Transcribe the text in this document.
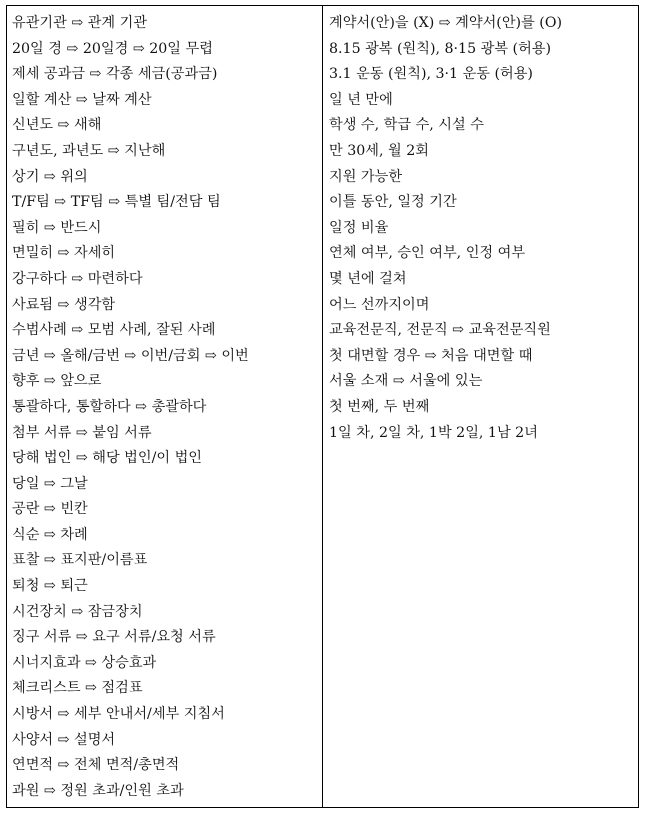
유관기관 ⇨ 관계 기관
20일 경 ⇨ 20일경 ⇨ 20일 무렵
제세 공과금 ⇨ 각종 세금(공과금)
일할 계산 ⇨ 날짜 계산
신년도 ⇨ 새해
구년도, 과년도 ⇨ 지난해
상기 ⇨ 위의
T/F팀 ⇨ TF팀 ⇨ 특별 팀/전담 팀
필히 ⇨ 반드시
면밀히 ⇨ 자세히
강구하다 ⇨ 마련하다
사료됨 ⇨ 생각함
수범사례 ⇨ 모범 사례, 잘된 사례
금년 ⇨ 올해/금번 ⇨ 이번/금회 ⇨ 이번
향후 ⇨ 앞으로
통괄하다, 통할하다 ⇨ 총괄하다
첨부 서류 ⇨ 붙임 서류
당해 법인 ⇨ 해당 법인/이 법인
당일 ⇨ 그날
공란 ⇨ 빈칸
식순 ⇨ 차례
표찰 ⇨ 표지판/이름표
퇴청 ⇨ 퇴근
시건장치 ⇨ 잠금장치
징구 서류 ⇨ 요구 서류/요청 서류
시너지효과 ⇨ 상승효과
체크리스트 ⇨ 점검표
시방서 ⇨ 세부 안내서/세부 지침서
사양서 ⇨ 설명서
연면적 ⇨ 전체 면적/총면적
과원 ⇨ 정원 초과/인원 초과
계약서(안)을 (X) ⇨ 계약서(안)를 (O)
8.15 광복 (원칙), 8·15 광복 (허용)
3.1 운동 (원칙), 3·1 운동 (허용)
일 년 만에
학생 수, 학급 수, 시설 수
만 30세, 월 2회
지원 가능한
이틀 동안, 일정 기간
일정 비율
연체 여부, 승인 여부, 인정 여부
몇 년에 걸쳐
어느 선까지이며
교육전문직, 전문직 ⇨ 교육전문직원
첫 대면할 경우 ⇨ 처음 대면할 때
서울 소재 ⇨ 서울에 있는
첫 번째, 두 번째
1일 차, 2일 차, 1박 2일, 1남 2녀
